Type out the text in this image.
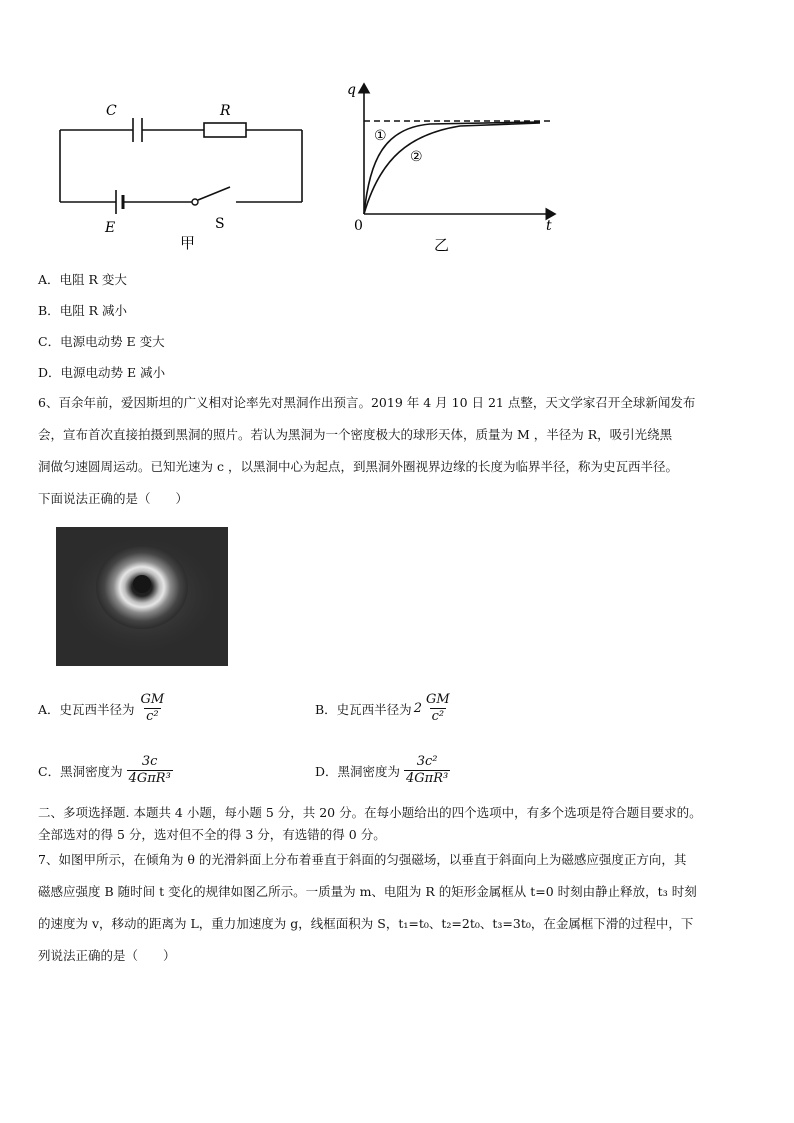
C	R
E	S
甲
q
t
0
①
②
乙
A．电阻 R 变大
B．电阻 R 减小
C．电源电动势 E 变大
D．电源电动势 E 减小
6、百余年前，爱因斯坦的广义相对论率先对黑洞作出预言。2019 年 4 月 10 日 21 点整，天文学家召开全球新闻发布
会，宣布首次直接拍摄到黑洞的照片。若认为黑洞为一个密度极大的球形天体，质量为 M ，半径为 R，吸引光绕黑
洞做匀速圆周运动。已知光速为 c ，以黑洞中心为起点，到黑洞外圈视界边缘的长度为临界半径，称为史瓦西半径。
下面说法正确的是（　　）
A．史瓦西半径为 $\frac{GM}{\text{c²}}$	B．史瓦西半径为 $2 \frac{GM}{\text{c²}}$
C．黑洞密度为 $\frac{3c}{\text{4GπR³}}$	D．黑洞密度为 $\frac{\text{3c²}}{\text{4GπR³}}$
二、多项选择题. 本题共 4 小题，每小题 5 分，共 20 分。在每小题给出的四个选项中，有多个选项是符合题目要求的。
全部选对的得 5 分，选对但不全的得 3 分，有选错的得 0 分。
7、如图甲所示，在倾角为 θ 的光滑斜面上分布着垂直于斜面的匀强磁场，以垂直于斜面向上为磁感应强度正方向，其
磁感应强度 B 随时间 t 变化的规律如图乙所示。一质量为 m、电阻为 R 的矩形金属框从 t=0 时刻由静止释放，t₃ 时刻
的速度为 v，移动的距离为 L，重力加速度为 g，线框面积为 S，t₁=t₀、t₂=2t₀、t₃=3t₀，在金属框下滑的过程中，下
列说法正确的是（　　）
